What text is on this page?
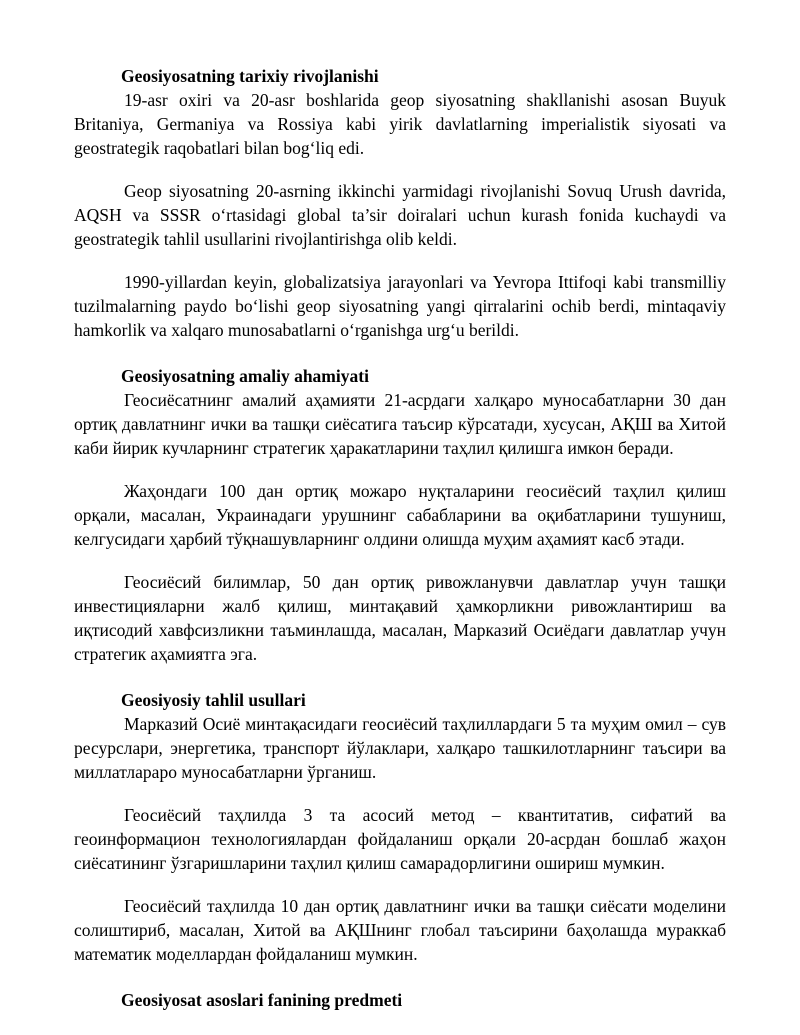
Geosiyosatning tarixiy rivojlanishi

19-asr oxiri va 20-asr boshlarida geop siyosatning shakllanishi asosan Buyuk Britaniya, Germaniya va Rossiya kabi yirik davlatlarning imperialistik siyosati va geostrategik raqobatlari bilan bog‘liq edi.

Geop siyosatning 20-asrning ikkinchi yarmidagi rivojlanishi Sovuq Urush davrida, AQSH va SSSR o‘rtasidagi global ta’sir doiralari uchun kurash fonida kuchaydi va geostrategik tahlil usullarini rivojlantirishga olib keldi.

1990-yillardan keyin, globalizatsiya jarayonlari va Yevropa Ittifoqi kabi transmilliy tuzilmalarning paydo bo‘lishi geop siyosatning yangi qirralarini ochib berdi, mintaqaviy hamkorlik va xalqaro munosabatlarni o‘rganishga urg‘u berildi.

Geosiyosatning amaliy ahamiyati

Геосиёсатнинг амалий аҳамияти 21-асрдаги халқаро муносабатларни 30 дан ортиқ давлатнинг ички ва ташқи сиёсатига таъсир кўрсатади, хусусан, АҚШ ва Хитой каби йирик кучларнинг стратегик ҳаракатларини таҳлил қилишга имкон беради.

Жаҳондаги 100 дан ортиқ можаро нуқталарини геосиёсий таҳлил қилиш орқали, масалан, Украинадаги урушнинг сабабларини ва оқибатларини тушуниш, келгусидаги ҳарбий тўқнашувларнинг олдини олишда муҳим аҳамият касб этади.

Геосиёсий билимлар, 50 дан ортиқ ривожланувчи давлатлар учун ташқи инвестицияларни жалб қилиш, минтақавий ҳамкорликни ривожлантириш ва иқтисодий хавфсизликни таъминлашда, масалан, Марказий Осиёдаги давлатлар учун стратегик аҳамиятга эга.

Geosiyosiy tahlil usullari

Марказий Осиё минтақасидаги геосиёсий таҳлиллардаги 5 та муҳим омил – сув ресурслари, энергетика, транспорт йўлаклари, халқаро ташкилотларнинг таъсири ва миллатлараро муносабатларни ўрганиш.

Геосиёсий таҳлилда 3 та асосий метод – квантитатив, сифатий ва геоинформацион технологиялардан фойдаланиш орқали 20-асрдан бошлаб жаҳон сиёсатининг ўзгаришларини таҳлил қилиш самарадорлигини ошириш мумкин.

Геосиёсий таҳлилда 10 дан ортиқ давлатнинг ички ва ташқи сиёсати моделини солиштириб, масалан, Хитой ва АҚШнинг глобал таъсирини баҳолашда мураккаб математик моделлардан фойдаланиш мумкин.

Geosiyosat asoslari fanining predmeti
